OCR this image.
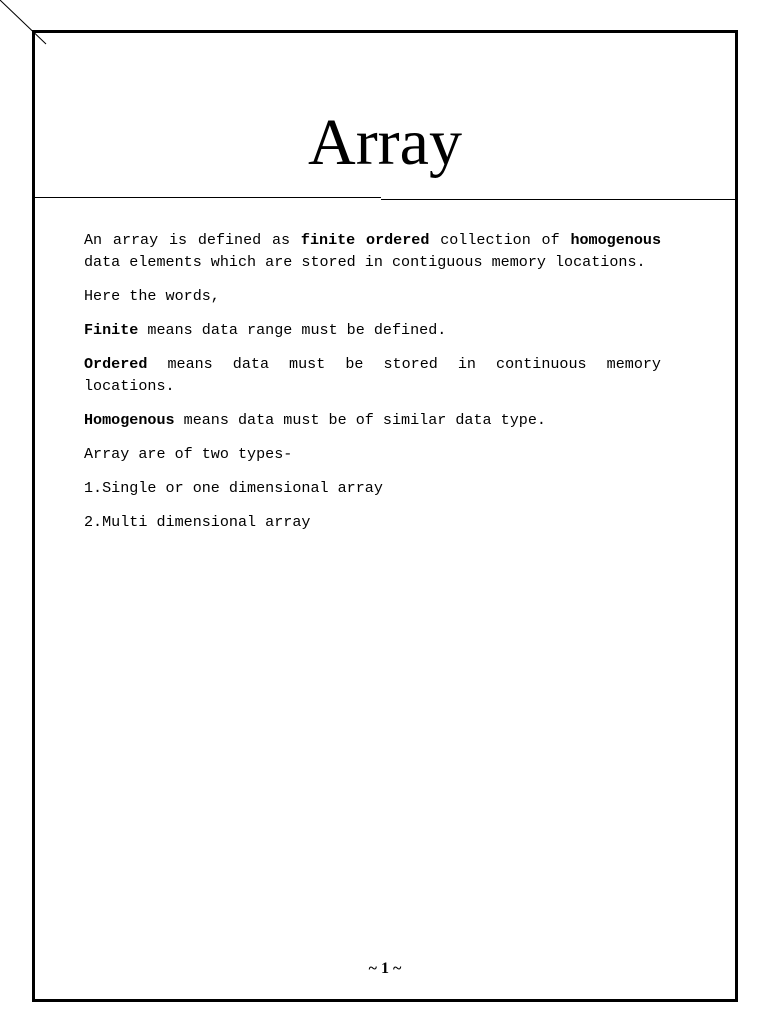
Array

An array is defined as finite ordered collection of homogenous data elements which are stored in contiguous memory locations.

Here the words,

Finite means data range must be defined.

Ordered means data must be stored in continuous memory locations.

Homogenous means data must be of similar data type.

Array are of two types-

1.Single or one dimensional array

2.Multi dimensional array

~ 1 ~
